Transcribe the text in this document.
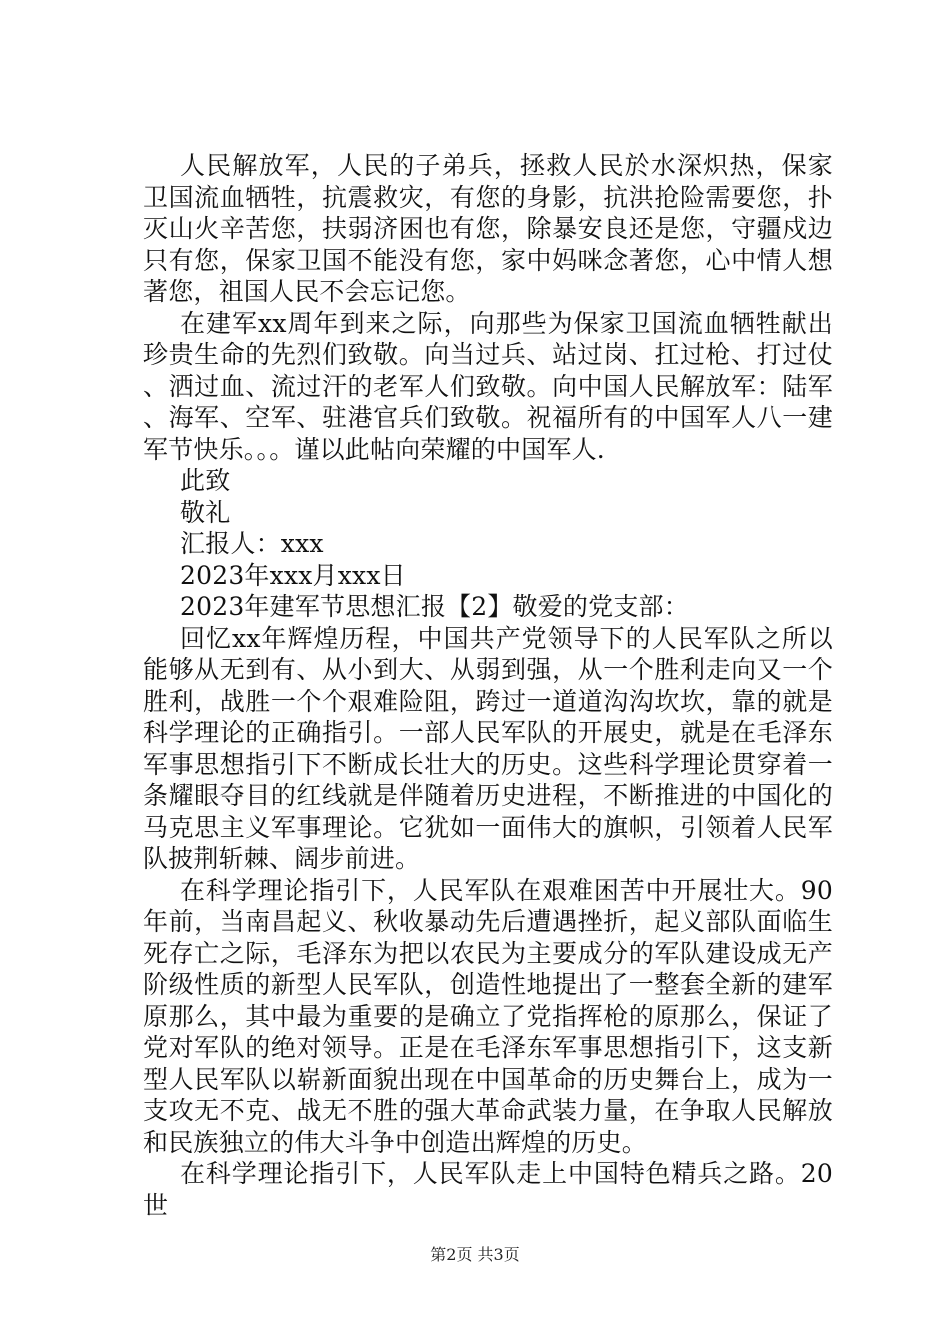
人民解放军，人民的子弟兵，拯救人民於水深炽热，保家卫国流血牺牲，抗震救灾，有您的身影，抗洪抢险需要您，扑灭山火辛苦您，扶弱济困也有您，除暴安良还是您，守疆戍边只有您，保家卫国不能没有您，家中妈咪念著您，心中情人想著您，祖国人民不会忘记您。

在建军xx周年到来之际，向那些为保家卫国流血牺牲献出珍贵生命的先烈们致敬。向当过兵、站过岗、扛过枪、打过仗、洒过血、流过汗的老军人们致敬。向中国人民解放军：陆军、海军、空军、驻港官兵们致敬。祝福所有的中国军人八一建军节快乐。。。谨以此帖向荣耀的中国军人.

此致

敬礼

汇报人：xxx

2023年xxx月xxx日

2023年建军节思想汇报【2】敬爱的党支部：

回忆xx年辉煌历程，中国共产党领导下的人民军队之所以能够从无到有、从小到大、从弱到强，从一个胜利走向又一个胜利，战胜一个个艰难险阻，跨过一道道沟沟坎坎，靠的就是科学理论的正确指引。一部人民军队的开展史，就是在毛泽东军事思想指引下不断成长壮大的历史。这些科学理论贯穿着一条耀眼夺目的红线就是伴随着历史进程，不断推进的中国化的马克思主义军事理论。它犹如一面伟大的旗帜，引领着人民军队披荆斩棘、阔步前进。

在科学理论指引下，人民军队在艰难困苦中开展壮大。90年前，当南昌起义、秋收暴动先后遭遇挫折，起义部队面临生死存亡之际，毛泽东为把以农民为主要成分的军队建设成无产阶级性质的新型人民军队，创造性地提出了一整套全新的建军原那么，其中最为重要的是确立了党指挥枪的原那么，保证了党对军队的绝对领导。正是在毛泽东军事思想指引下，这支新型人民军队以崭新面貌出现在中国革命的历史舞台上，成为一支攻无不克、战无不胜的强大革命武装力量，在争取人民解放和民族独立的伟大斗争中创造出辉煌的历史。

在科学理论指引下，人民军队走上中国特色精兵之路。20世

第2页 共3页
